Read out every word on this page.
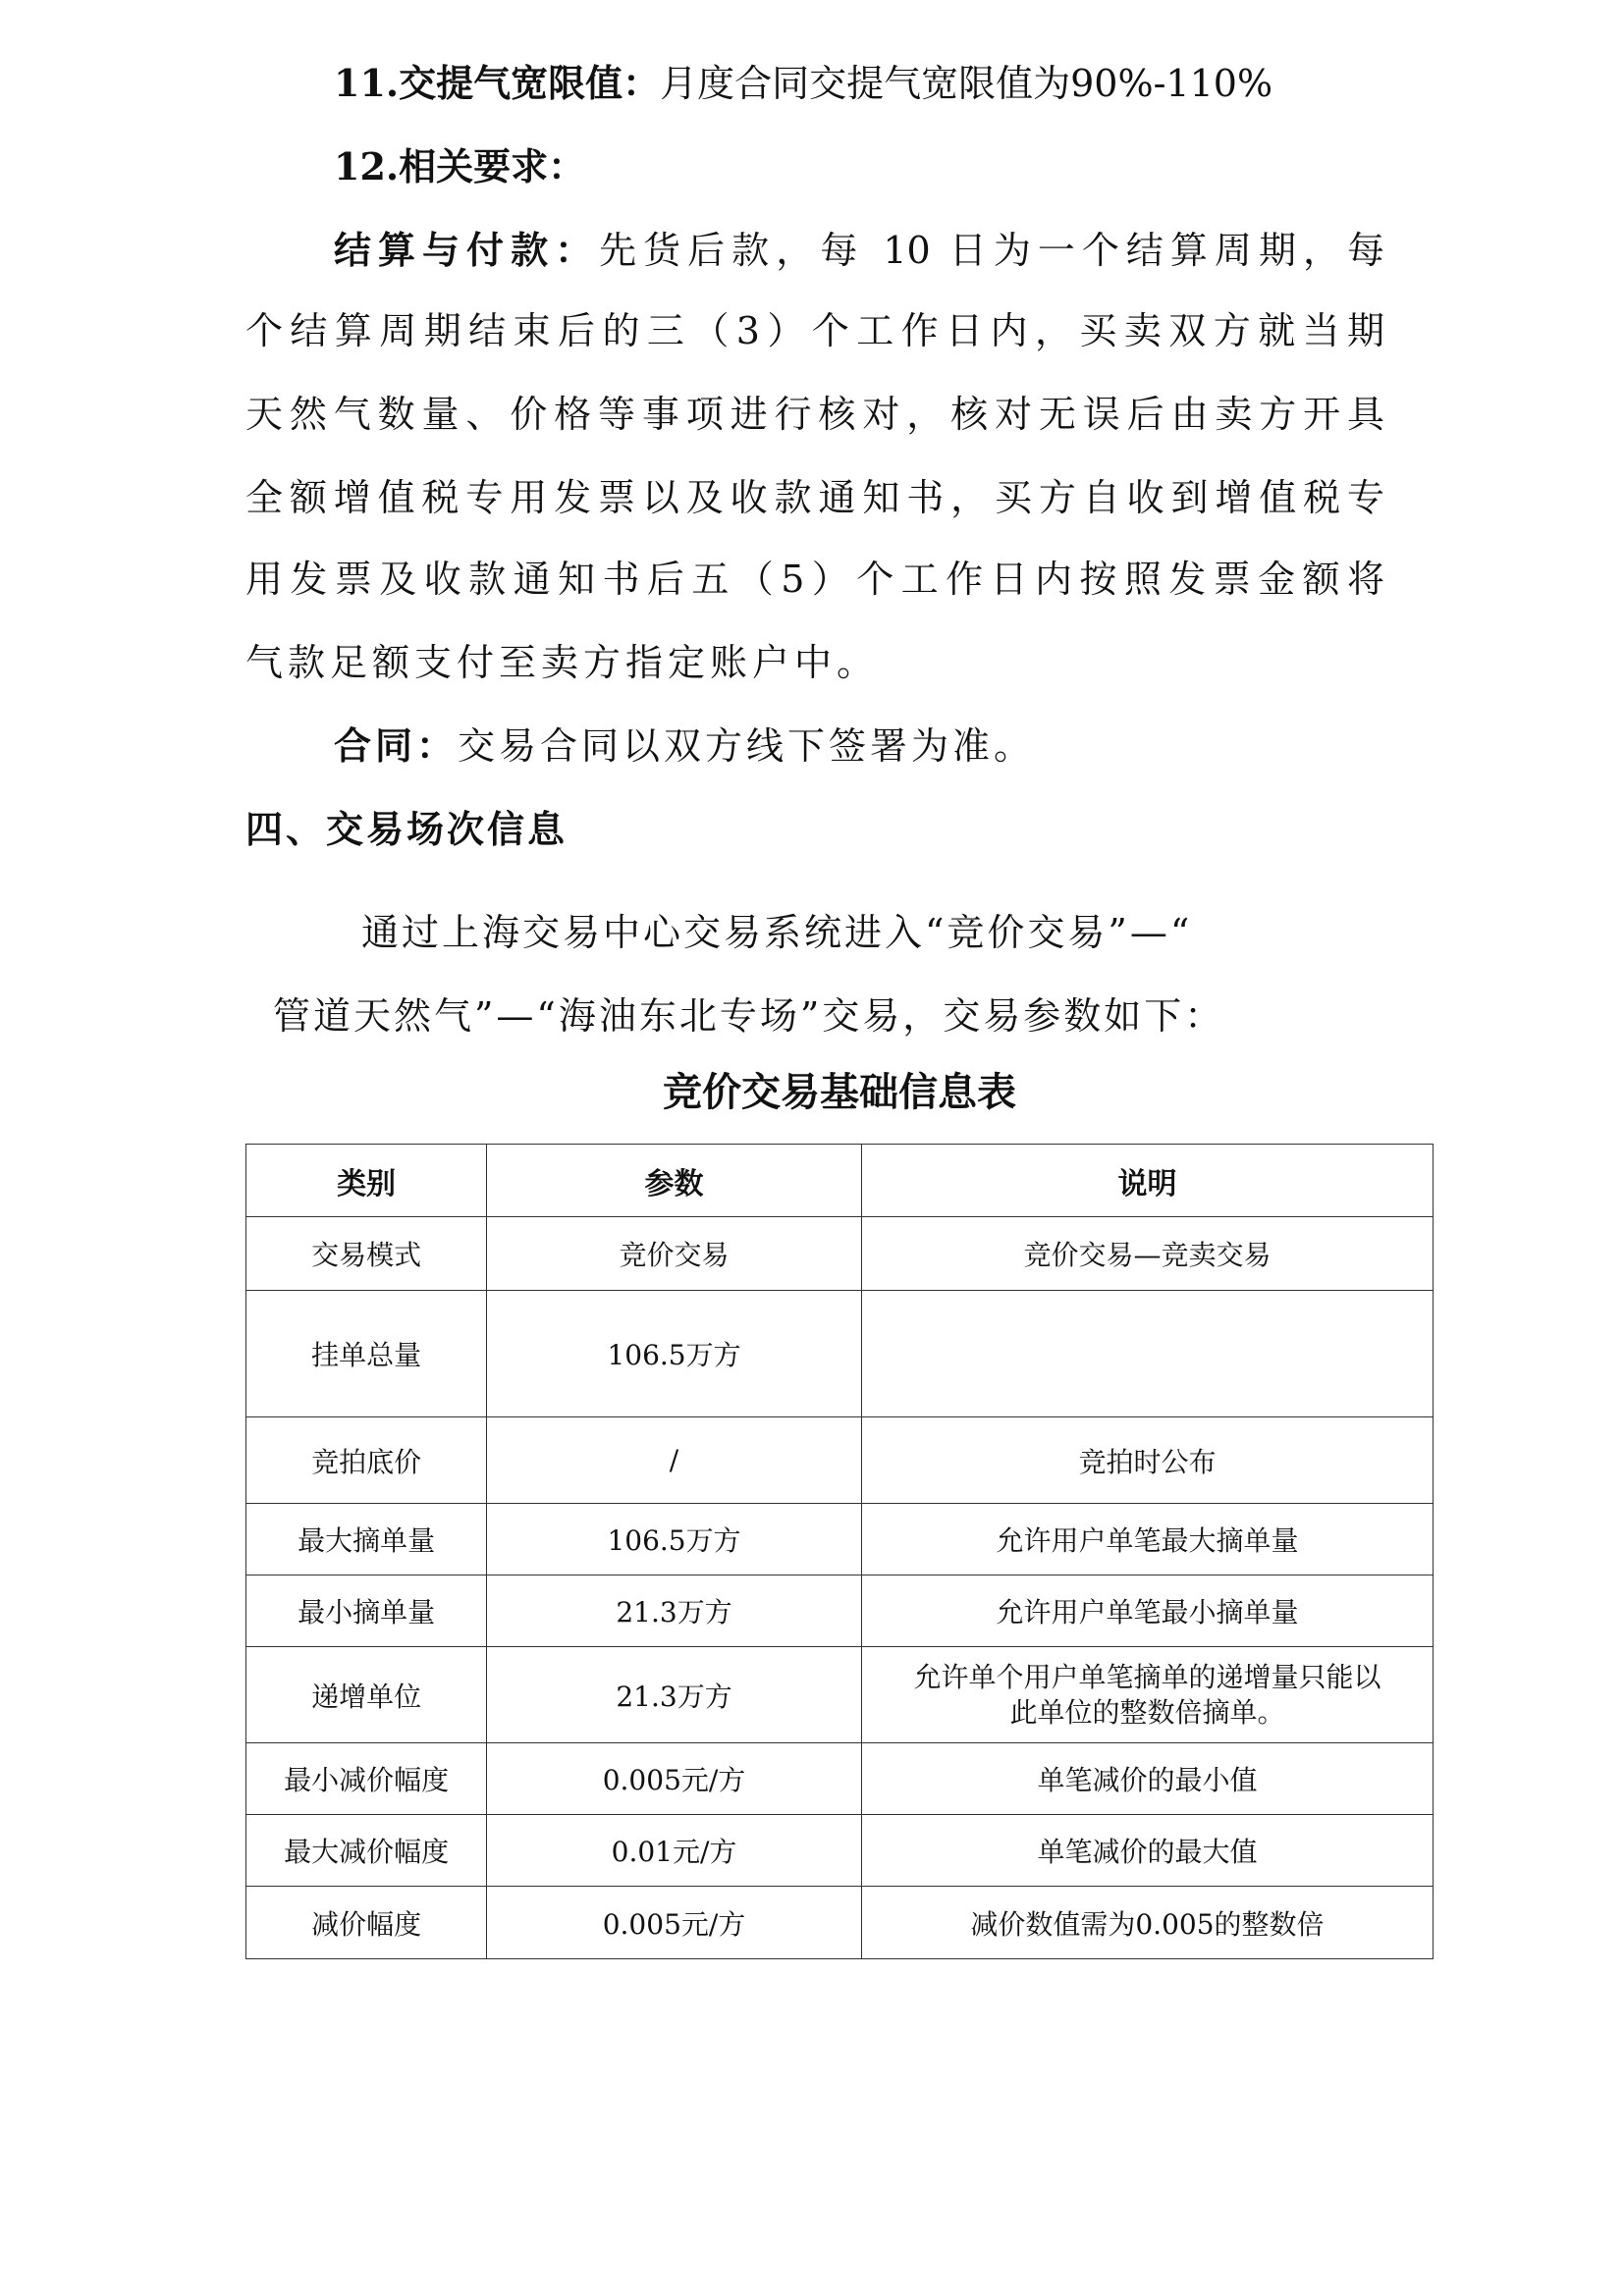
11.交提气宽限值：月度合同交提气宽限值为90%-110%
12.相关要求：
结算与付款：先货后款，每 10 日为一个结算周期，每
个结算周期结束后的三（3）个工作日内，买卖双方就当期
天然气数量、价格等事项进行核对，核对无误后由卖方开具
全额增值税专用发票以及收款通知书，买方自收到增值税专
用发票及收款通知书后五（5）个工作日内按照发票金额将
气款足额支付至卖方指定账户中。
合同：交易合同以双方线下签署为准。
四、交易场次信息
通过上海交易中心交易系统进入“竞价交易”—“
管道天然气”—“海油东北专场”交易，交易参数如下：
竞价交易基础信息表
类别	参数	说明
交易模式	竞价交易	竞价交易—竞卖交易
挂单总量	106.5万方	
竞拍底价	/	竞拍时公布
最大摘单量	106.5万方	允许用户单笔最大摘单量
最小摘单量	21.3万方	允许用户单笔最小摘单量
递增单位	21.3万方	允许单个用户单笔摘单的递增量只能以此单位的整数倍摘单。
最小减价幅度	0.005元/方	单笔减价的最小值
最大减价幅度	0.01元/方	单笔减价的最大值
减价幅度	0.005元/方	减价数值需为0.005的整数倍
